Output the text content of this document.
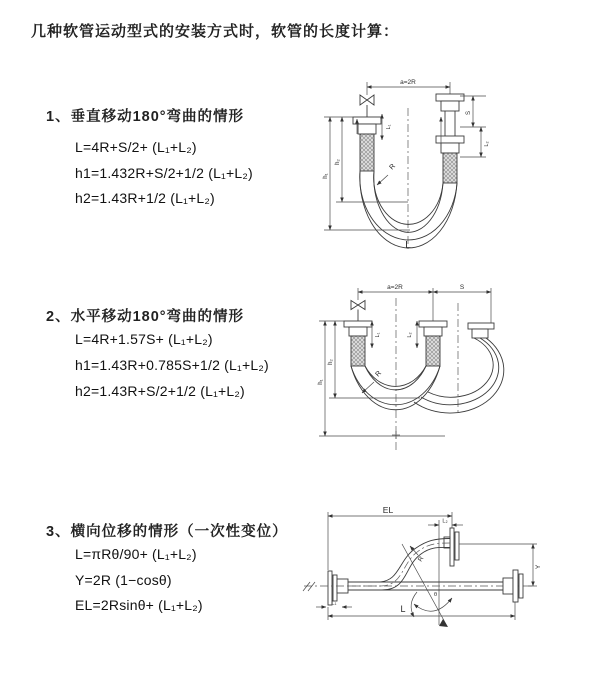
几种软管运动型式的安装方式时，软管的长度计算：
1、垂直移动180°弯曲的情形
L=4R+S/2+ (L₁+L₂)
h1=1.432R+S/2+1/2 (L₁+L₂)
h2=1.43R+1/2 (L₁+L₂)
2、水平移动180°弯曲的情形
L=4R+1.57S+ (L₁+L₂)
h1=1.43R+0.785S+1/2 (L₁+L₂)
h2=1.43R+S/2+1/2 (L₁+L₂)
3、横向位移的情形（一次性变位）
L=πRθ/90+ (L₁+L₂)
Y=2R (1−cosθ)
EL=2Rsinθ+ (L₁+L₂)
a=2R
R
h₁
h₂
L₁
S
L₂
L
a=2R	S
L₁	L₂
h₁
h₂
R
EL
L₂
Y
θ
R
L
L₁
